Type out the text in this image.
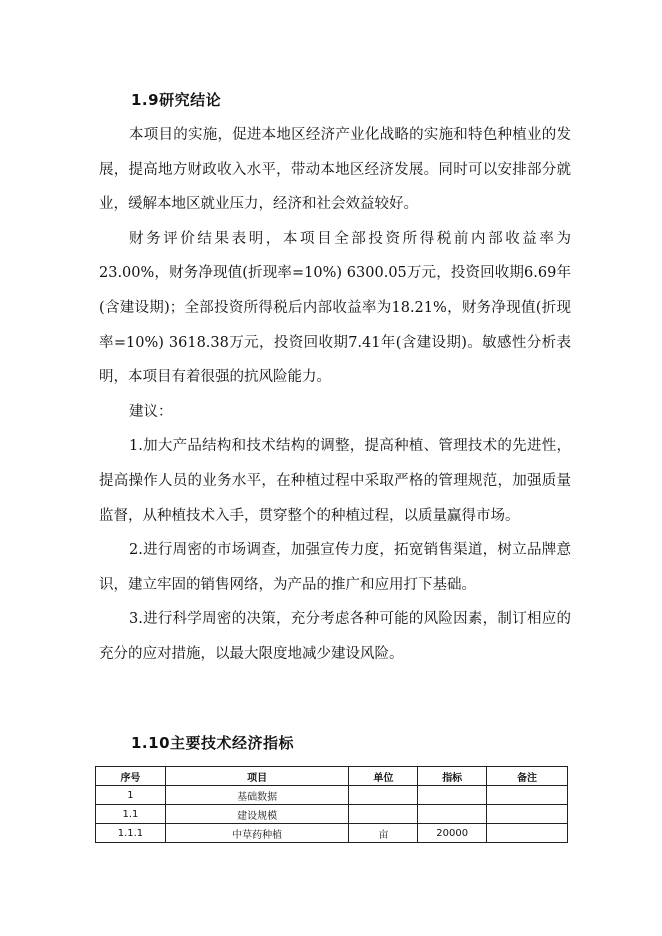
1.9研究结论

本项目的实施，促进本地区经济产业化战略的实施和特色种植业的发展，提高地方财政收入水平，带动本地区经济发展。同时可以安排部分就业，缓解本地区就业压力，经济和社会效益较好。

财务评价结果表明，本项目全部投资所得税前内部收益率为23.00%，财务净现值(折现率=10%) 6300.05万元，投资回收期6.69年(含建设期)；全部投资所得税后内部收益率为18.21%，财务净现值(折现率=10%) 3618.38万元，投资回收期7.41年(含建设期)。敏感性分析表明，本项目有着很强的抗风险能力。

建议：

1.加大产品结构和技术结构的调整，提高种植、管理技术的先进性，提高操作人员的业务水平，在种植过程中采取严格的管理规范，加强质量监督，从种植技术入手，贯穿整个的种植过程，以质量赢得市场。

2.进行周密的市场调查，加强宣传力度，拓宽销售渠道，树立品牌意识，建立牢固的销售网络，为产品的推广和应用打下基础。

3.进行科学周密的决策，充分考虑各种可能的风险因素，制订相应的充分的应对措施，以最大限度地减少建设风险。

1.10主要技术经济指标
序号	项目	单位	指标	备注
1	基础数据			
1.1	建设规模			
1.1.1	中草药种植	亩	20000	
